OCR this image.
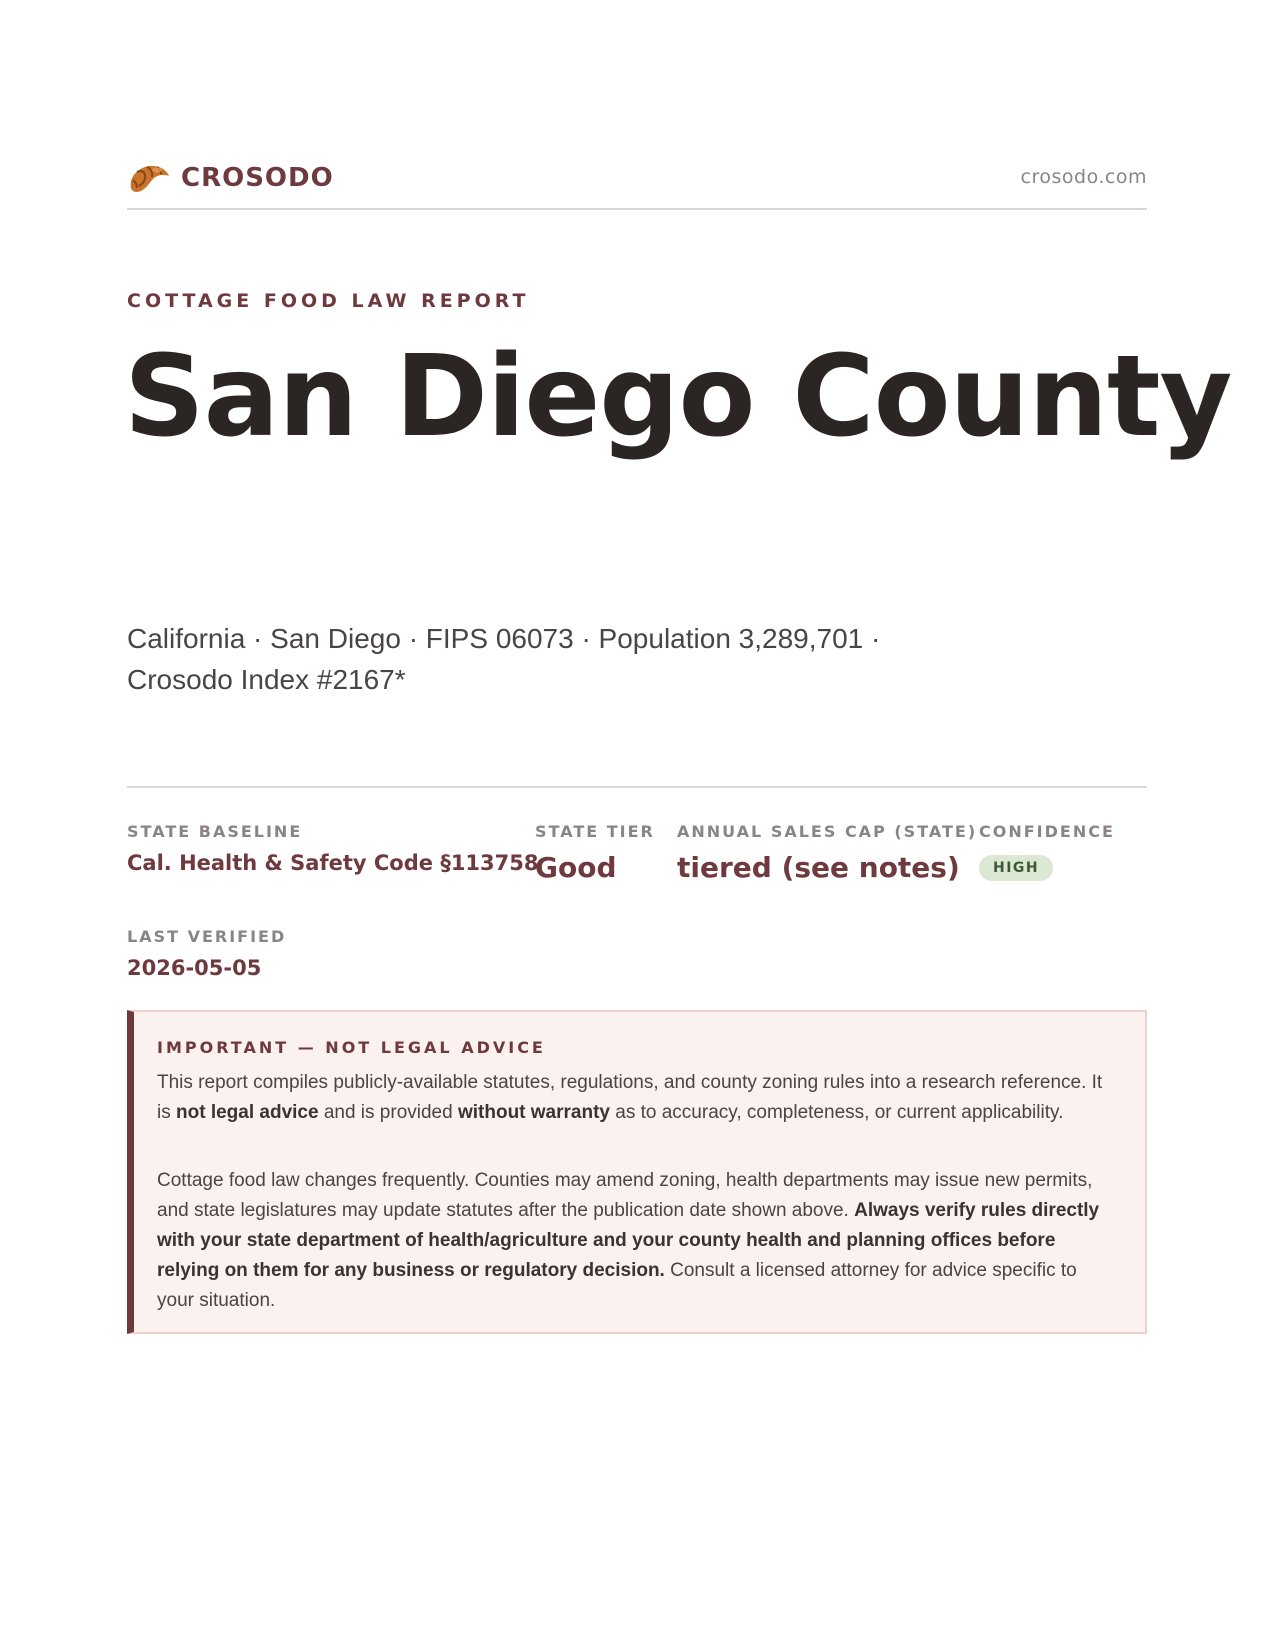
CROSODO	crosodo.com
COTTAGE FOOD LAW REPORT
San Diego County
California · San Diego · FIPS 06073 · Population 3,289,701 ·
Crosodo Index #2167*
STATE BASELINE
Cal. Health & Safety Code §113758
STATE TIER
Good
ANNUAL SALES CAP (STATE)
tiered (see notes)
CONFIDENCE
HIGH
LAST VERIFIED
2026-05-05
IMPORTANT — NOT LEGAL ADVICE
This report compiles publicly-available statutes, regulations, and county zoning rules into a research reference. It is not legal advice and is provided without warranty as to accuracy, completeness, or current applicability.
Cottage food law changes frequently. Counties may amend zoning, health departments may issue new permits, and state legislatures may update statutes after the publication date shown above. Always verify rules directly with your state department of health/agriculture and your county health and planning offices before relying on them for any business or regulatory decision. Consult a licensed attorney for advice specific to your situation.
